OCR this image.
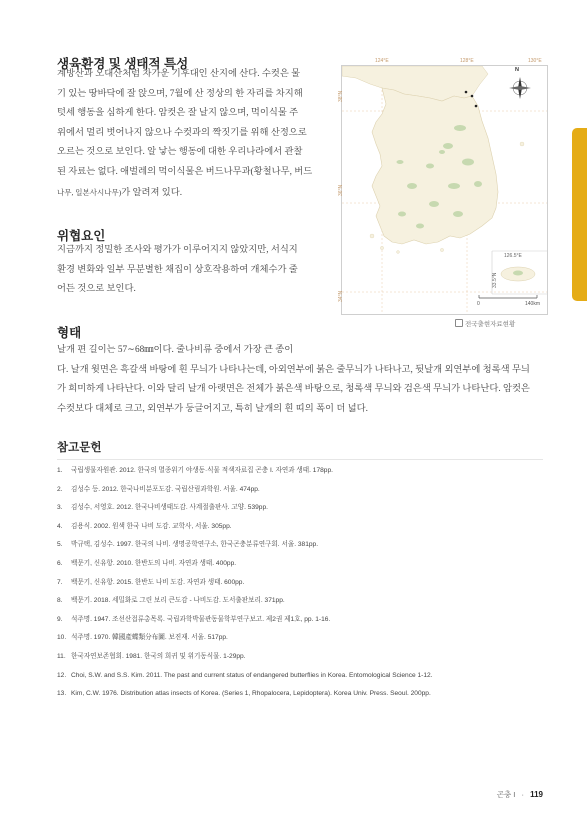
생육환경 및 생태적 특성

계방산과 오대산처럼 차가운 기후대인 산지에 산다. 수컷은 물

기 있는 땅바닥에 잘 앉으며, 7월에 산 정상의 한 자리를 차지해

텃세 행동을 심하게 한다. 암컷은 잘 날지 않으며, 먹이식물 주

위에서 멀리 벗어나지 않으나 수컷과의 짝짓기를 위해 산정으로

오르는 것으로 보인다. 알 낳는 행동에 대한 우리나라에서 관찰

된 자료는 없다. 애벌레의 먹이식물은 버드나무과(황철나무, 버드

나무, 일본사시나무)가 알려져 있다.

위협요인

지금까지 정밀한 조사와 평가가 이루어지지 않았지만, 서식지

환경 변화와 일부 무분별한 채집이 상호작용하여 개체수가 줄

어든 것으로 보인다.

형태

날개 편 길이는 57∼68㎜이다. 줄나비류 중에서 가장 큰 종이

다. 날개 윗면은 흑갈색 바탕에 흰 무늬가 나타나는데, 아외연부에 붉은 줄무늬가 나타나고, 뒷날개 외연부에 청록색 무늬

가 희미하게 나타난다. 이와 달리 날개 아랫면은 전체가 붉은색 바탕으로, 청록색 무늬와 검은색 무늬가 나타난다. 암컷은

수컷보다 대체로 크고, 외연부가 둥글어지고, 특히 날개의 흰 띠의 폭이 더 넓다.

124°E	128°E	130°E
38°N
36°N
34°N
N
126.5°E
33.5°N
0	140km
전국출현자료현황
참고문헌
1. 국립생물자원관. 2012. 한국의 멸종위기 야생동·식물 적색자료집 곤충 I. 자연과 생태. 178pp.
2. 김성수 등. 2012. 한국나비분포도감. 국립산림과학원. 서울. 474pp.
3. 김성수, 서영호. 2012. 한국나비생태도감. 사계절출판사. 고양. 539pp.
4. 김용식. 2002. 원색 한국 나비 도감. 교학사, 서울. 305pp.
5. 박규택, 김성수. 1997. 한국의 나비. 생명공학연구소, 한국곤충분류연구회. 서울. 381pp.
6. 백문기, 신유항. 2010. 한반도의 나비. 자연과 생태. 400pp.
7. 백문기, 신유항. 2015. 한반도 나비 도감. 자연과 생태. 600pp.
8. 백문기. 2018. 세밀화로 그린 보리 큰도감 - 나비도감. 도서출판보리. 371pp.
9. 석주명. 1947. 조선산접류총목록. 국립과학박물관동물학부연구보고. 제2권 제1호, pp. 1-16.
10. 석주명. 1970. 韓國產蝶類分布圖. 보진재. 서울. 517pp.
11. 한국자연보존협회. 1981. 한국의 희귀 및 위기동식물. 1-29pp.
12. Choi, S.W. and S.S. Kim. 2011. The past and current status of endangered butterflies in Korea. Entomological Science 1-12.
13. Kim, C.W. 1976. Distribution atlas insects of Korea. (Series 1, Rhopalocera, Lepidoptera). Korea Univ. Press. Seoul. 200pp.
곤충 I · 119
